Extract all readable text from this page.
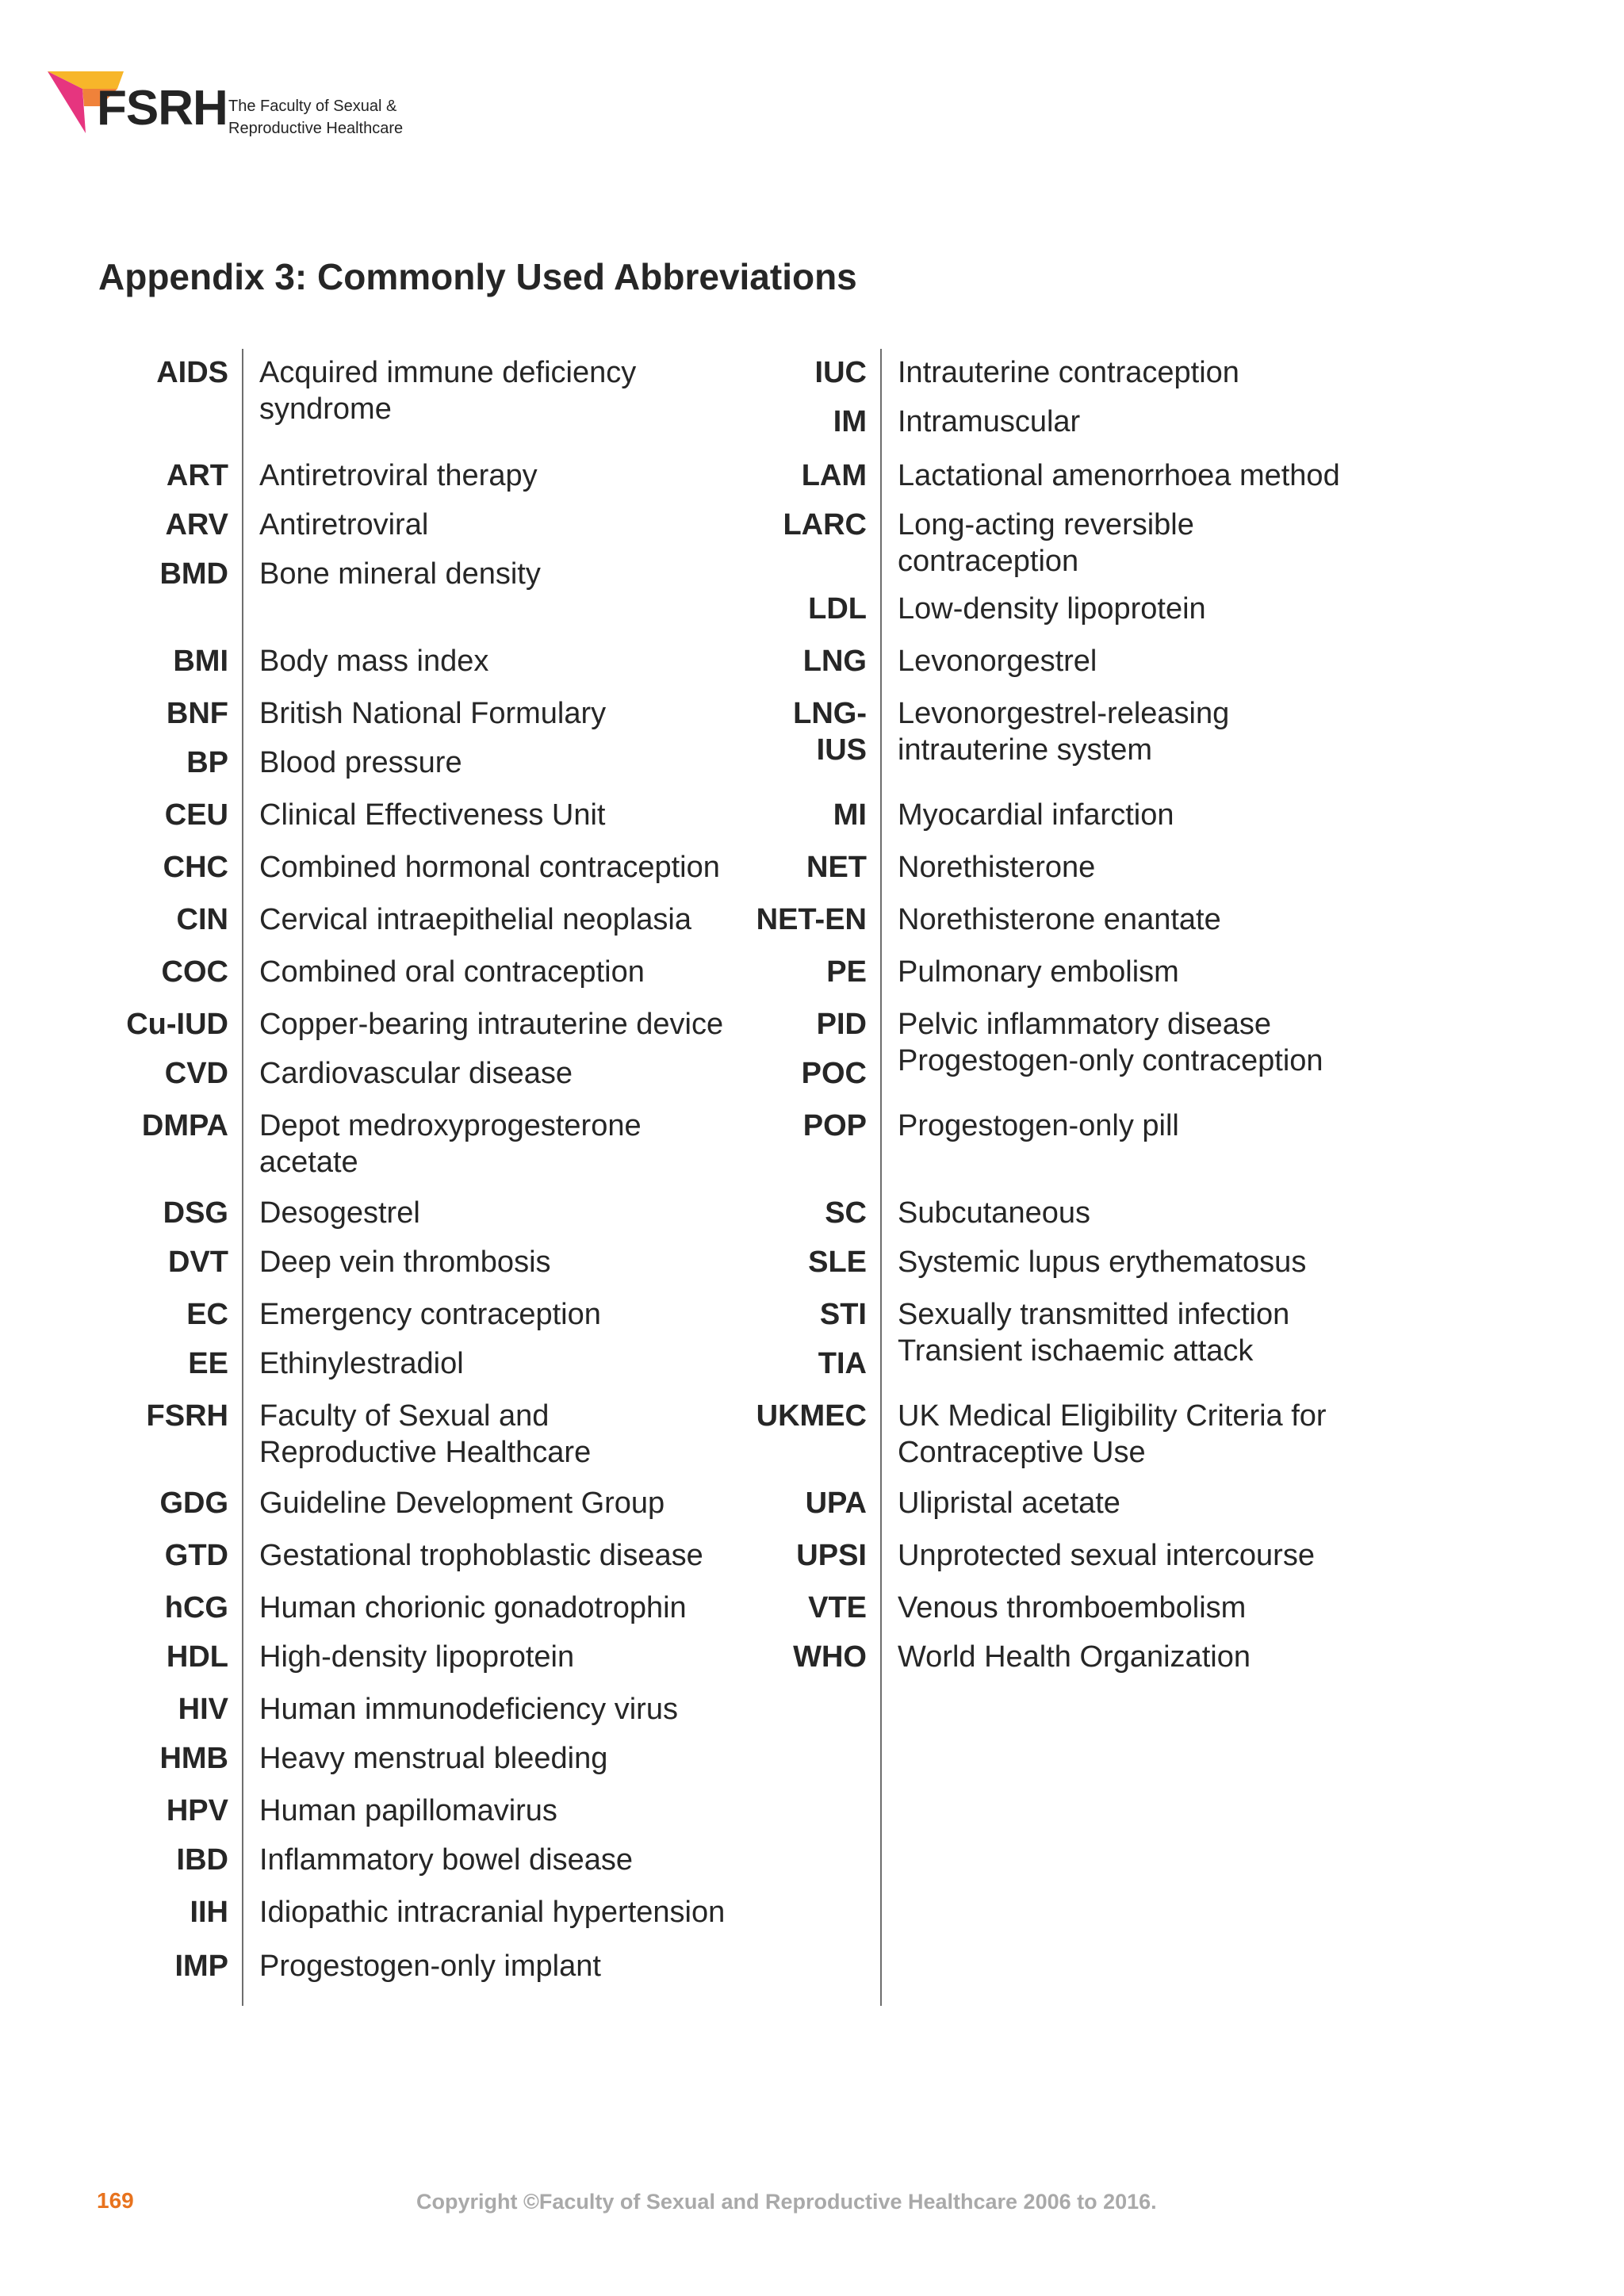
FSRH The Faculty of Sexual &
Reproductive Healthcare
Appendix 3: Commonly Used Abbreviations
AIDS Acquired immune deficiency
syndrome
ART Antiretroviral therapy
ARV Antiretroviral
BMD Bone mineral density
BMI Body mass index
BNF British National Formulary
BP Blood pressure
CEU Clinical Effectiveness Unit
CHC Combined hormonal contraception
CIN Cervical intraepithelial neoplasia
COC Combined oral contraception
Cu-IUD Copper-bearing intrauterine device
CVD Cardiovascular disease
DMPA Depot medroxyprogesterone
acetate
DSG Desogestrel
DVT Deep vein thrombosis
EC Emergency contraception
EE Ethinylestradiol
FSRH Faculty of Sexual and
Reproductive Healthcare
GDG Guideline Development Group
GTD Gestational trophoblastic disease
hCG Human chorionic gonadotrophin
HDL High-density lipoprotein
HIV Human immunodeficiency virus
HMB Heavy menstrual bleeding
HPV Human papillomavirus
IBD Inflammatory bowel disease
IIH Idiopathic intracranial hypertension
IMP Progestogen-only implant
IUC Intrauterine contraception
IM Intramuscular
LAM Lactational amenorrhoea method
LARC Long-acting reversible
contraception
LDL Low-density lipoprotein
LNG Levonorgestrel
LNG-
IUS
Levonorgestrel-releasing
intrauterine system
MI Myocardial infarction
NET Norethisterone
NET-EN Norethisterone enantate
PE Pulmonary embolism
PID Pelvic inflammatory disease
POC Progestogen-only contraception
POP Progestogen-only pill
SC Subcutaneous
SLE Systemic lupus erythematosus
STI Sexually transmitted infection
TIA Transient ischaemic attack
UKMEC UK Medical Eligibility Criteria for
Contraceptive Use
UPA Ulipristal acetate
UPSI Unprotected sexual intercourse
VTE Venous thromboembolism
WHO World Health Organization
169	Copyright ©Faculty of Sexual and Reproductive Healthcare 2006 to 2016.
